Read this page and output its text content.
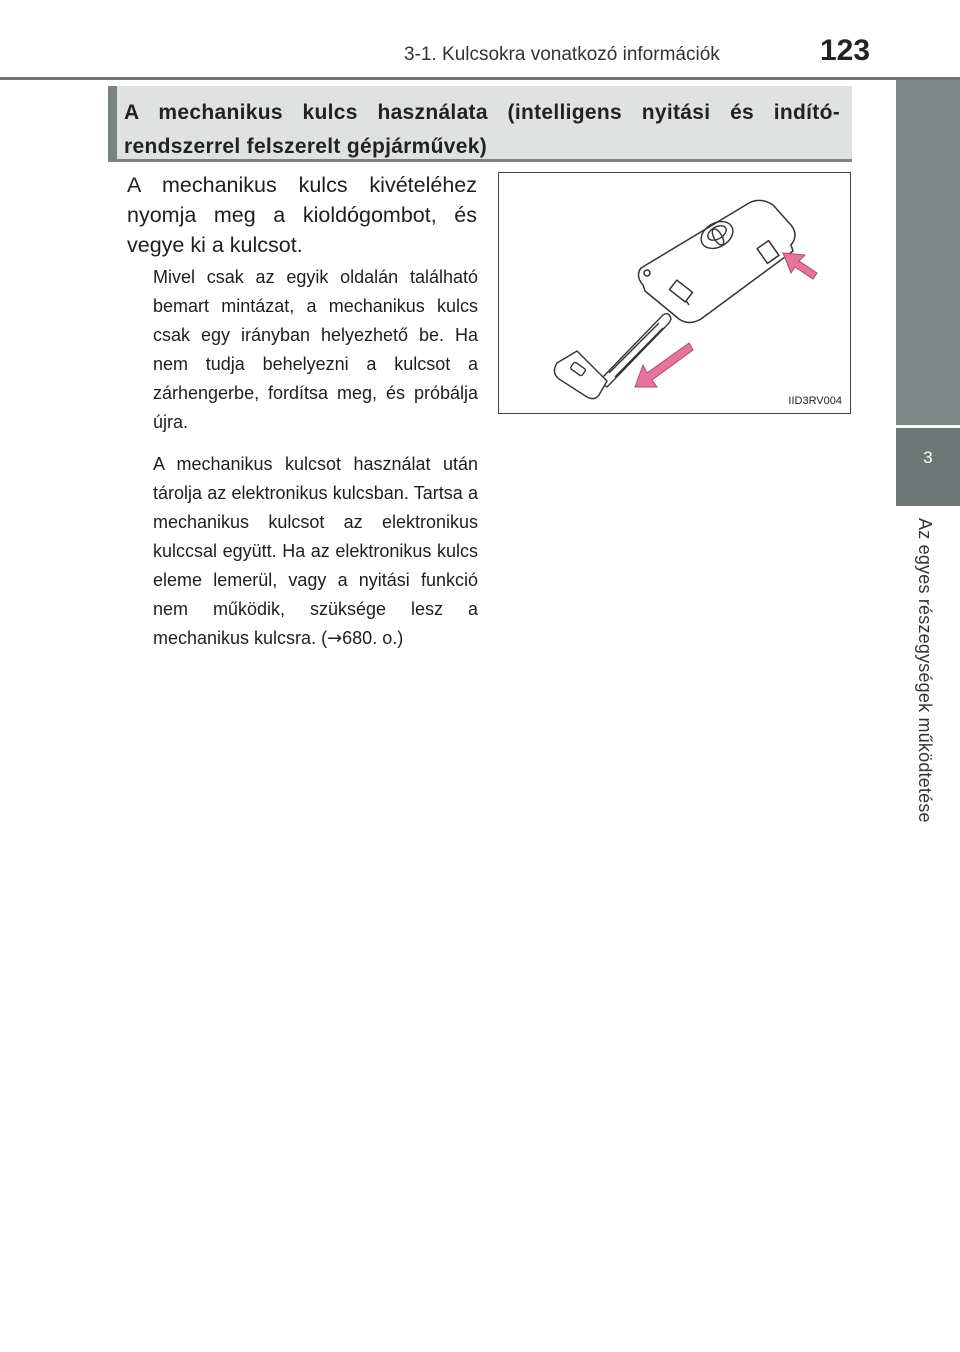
3-1. Kulcsokra vonatkozó információk	123
3
Az egyes részegységek működtetése
A mechanikus kulcs használata (intelligens nyitási és indító-rendszerrel felszerelt gépjárművek)
A mechanikus kulcs kivételéhez nyomja meg a kioldógombot, és vegye ki a kulcsot.
Mivel csak az egyik oldalán található bemart mintázat, a mechanikus kulcs csak egy irányban helyezhető be. Ha nem tudja behelyezni a kulcsot a zárhengerbe, fordítsa meg, és próbálja újra.
A mechanikus kulcsot használat után tárolja az elektronikus kulcsban. Tartsa a mechanikus kulcsot az elektronikus kulccsal együtt. Ha az elektronikus kulcs eleme lemerül, vagy a nyitási funkció nem működik, szüksége lesz a mechanikus kulcsra. (→680. o.)
IID3RV004
